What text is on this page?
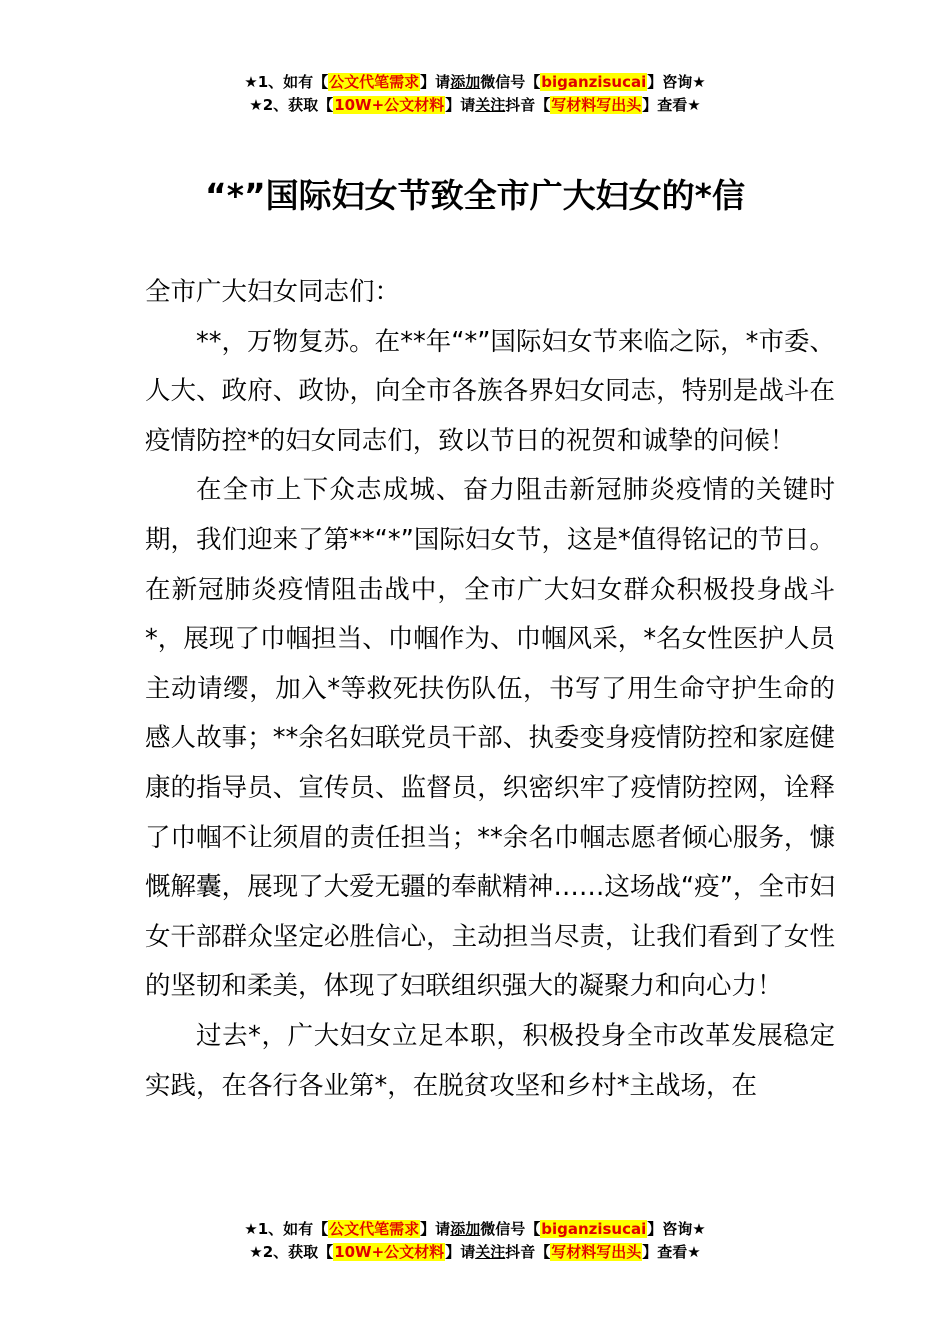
★1、如有【公文代笔需求】请添加微信号【biganzisucai】咨询★
★2、获取【10W+公文材料】请关注抖音【写材料写出头】查看★
“*”国际妇女节致全市广大妇女的*信

全市广大妇女同志们：

**，万物复苏。在**年“*”国际妇女节来临之际，*市委、人大、政府、政协，向全市各族各界妇女同志，特别是战斗在疫情防控*的妇女同志们，致以节日的祝贺和诚挚的问候！

在全市上下众志成城、奋力阻击新冠肺炎疫情的关键时期，我们迎来了第**“*”国际妇女节，这是*值得铭记的节日。在新冠肺炎疫情阻击战中，全市广大妇女群众积极投身战斗*，展现了巾帼担当、巾帼作为、巾帼风采，*名女性医护人员主动请缨，加入*等救死扶伤队伍，书写了用生命守护生命的感人故事；**余名妇联党员干部、执委变身疫情防控和家庭健康的指导员、宣传员、监督员，织密织牢了疫情防控网，诠释了巾帼不让须眉的责任担当；**余名巾帼志愿者倾心服务，慷慨解囊，展现了大爱无疆的奉献精神……这场战“疫”，全市妇女干部群众坚定必胜信心，主动担当尽责，让我们看到了女性的坚韧和柔美，体现了妇联组织强大的凝聚力和向心力！

过去*，广大妇女立足本职，积极投身全市改革发展稳定实践，在各行各业第*，在脱贫攻坚和乡村*主战场，在

★1、如有【公文代笔需求】请添加微信号【biganzisucai】咨询★
★2、获取【10W+公文材料】请关注抖音【写材料写出头】查看★
